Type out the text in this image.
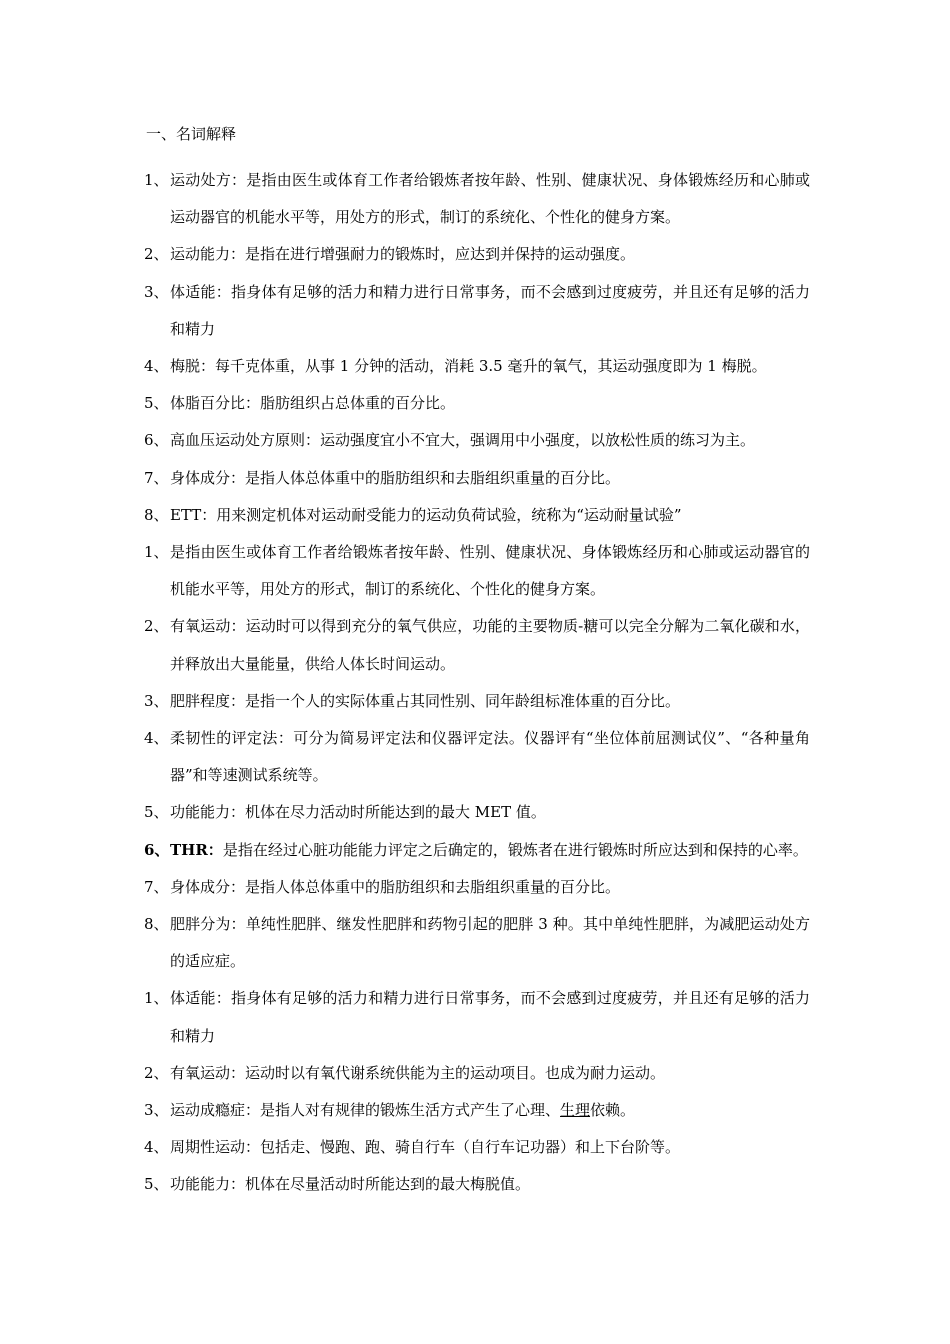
一、名词解释
1、 运动处方：是指由医生或体育工作者给锻炼者按年龄、性别、健康状况、身体锻炼经历和心肺或运动器官的机能水平等，用处方的形式，制订的系统化、个性化的健身方案。
2、 运动能力：是指在进行增强耐力的锻炼时，应达到并保持的运动强度。
3、 体适能：指身体有足够的活力和精力进行日常事务，而不会感到过度疲劳，并且还有足够的活力和精力
4、 梅脱：每千克体重，从事 1 分钟的活动，消耗 3.5 毫升的氧气，其运动强度即为 1 梅脱。
5、 体脂百分比：脂肪组织占总体重的百分比。
6、 高血压运动处方原则：运动强度宜小不宜大，强调用中小强度，以放松性质的练习为主。
7、 身体成分：是指人体总体重中的脂肪组织和去脂组织重量的百分比。
8、 ETT：用来测定机体对运动耐受能力的运动负荷试验，统称为“运动耐量试验”
1、 是指由医生或体育工作者给锻炼者按年龄、性别、健康状况、身体锻炼经历和心肺或运动器官的机能水平等，用处方的形式，制订的系统化、个性化的健身方案。
2、 有氧运动：运动时可以得到充分的氧气供应，功能的主要物质-糖可以完全分解为二氧化碳和水，并释放出大量能量，供给人体长时间运动。
3、 肥胖程度：是指一个人的实际体重占其同性别、同年龄组标准体重的百分比。
4、 柔韧性的评定法：可分为简易评定法和仪器评定法。仪器评有“坐位体前屈测试仪”、“各种量角器”和等速测试系统等。
5、 功能能力：机体在尽力活动时所能达到的最大 MET 值。
6、 THR：是指在经过心脏功能能力评定之后确定的，锻炼者在进行锻炼时所应达到和保持的心率。
7、 身体成分：是指人体总体重中的脂肪组织和去脂组织重量的百分比。
8、 肥胖分为：单纯性肥胖、继发性肥胖和药物引起的肥胖 3 种。其中单纯性肥胖，为减肥运动处方的适应症。
1、 体适能：指身体有足够的活力和精力进行日常事务，而不会感到过度疲劳，并且还有足够的活力和精力
2、 有氧运动：运动时以有氧代谢系统供能为主的运动项目。也成为耐力运动。
3、 运动成瘾症：是指人对有规律的锻炼生活方式产生了心理、生理依赖。
4、 周期性运动：包括走、慢跑、跑、骑自行车（自行车记功器）和上下台阶等。
5、 功能能力：机体在尽量活动时所能达到的最大梅脱值。
